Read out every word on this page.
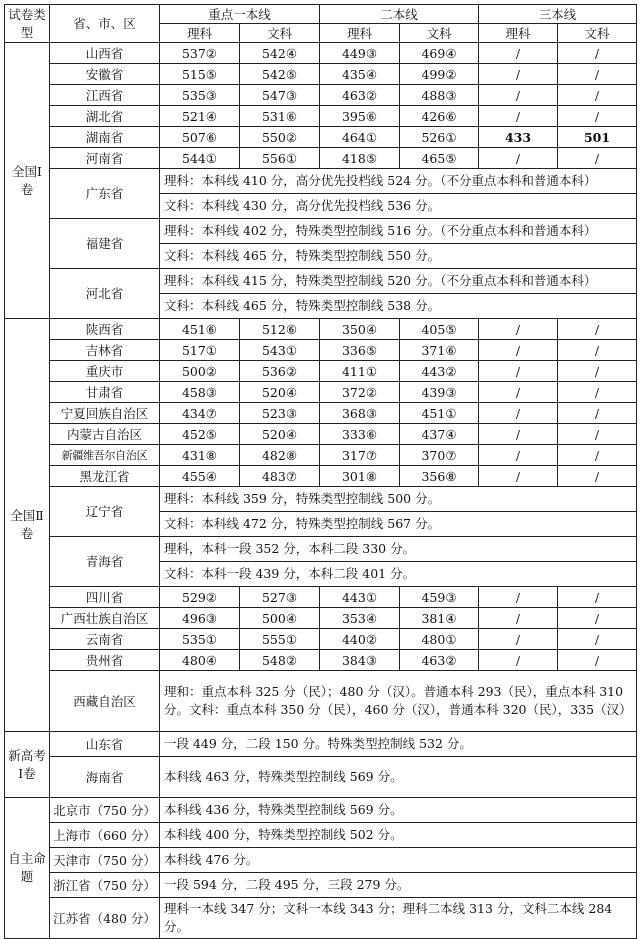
试卷类型	省、市、区	重点一本线		二本线		三本线	
		理科	文科	理科	文科	理科	文科
全国Ⅰ卷	山西省	537②	542④	449③	469④	/	/
	安徽省	515⑤	542⑤	435④	499②	/	/
	江西省	535③	547③	463②	488③	/	/
	湖北省	521④	531⑥	395⑥	426⑥	/	/
	湖南省	507⑥	550②	464①	526①	433	501
	河南省	544①	556①	418⑤	465⑤	/	/
	广东省	理科：本科线 410 分，高分优先投档线 524 分。（不分重点本科和普通本科）					
		文科：本科线 430 分，高分优先投档线 536 分。					
	福建省	理科：本科线 402 分，特殊类型控制线 516 分。（不分重点本科和普通本科）					
		文科：本科线 465 分，特殊类型控制线 550 分。					
	河北省	理科：本科线 415 分，特殊类型控制线 520 分。（不分重点本科和普通本科）					
		文科：本科线 465 分，特殊类型控制线 538 分。					
全国Ⅱ卷	陕西省	451⑥	512⑥	350④	405⑤	/	/
	吉林省	517①	543①	336⑤	371⑥	/	/
	重庆市	500②	536②	411①	443②	/	/
	甘肃省	458③	520④	372②	439③	/	/
	宁夏回族自治区	434⑦	523③	368③	451①	/	/
	内蒙古自治区	452⑤	520④	333⑥	437④	/	/
	新疆维吾尔自治区	431⑧	482⑧	317⑦	370⑦	/	/
	黑龙江省	455④	483⑦	301⑧	356⑧	/	/
	辽宁省	理科：本科线 359 分，特殊类型控制线 500 分。					
		文科：本科线 472 分，特殊类型控制线 567 分。					
	青海省	理科，本科一段 352 分，本科二段 330 分。					
		文科：本科一段 439 分，本科二段 401 分。					
	四川省	529②	527③	443①	459③	/	/
	广西壮族自治区	496③	500④	353④	381④	/	/
	云南省	535①	555①	440②	480①	/	/
	贵州省	480④	548②	384③	463②	/	/
	西藏自治区	理和：重点本科 325 分（民）；480 分（汉）。普通本科 293（民），重点本科 310 分。文科：重点本科 350 分（民），460 分（汉），普通本科 320（民），335（汉）					
新高考Ⅰ卷	山东省	一段 449 分，二段 150 分。特殊类型控制线 532 分。					
	海南省	本科线 463 分，特殊类型控制线 569 分。					
自主命题	北京市（750 分）	本科线 436 分，特殊类型控制线 569 分。					
	上海市（660 分）	本科线 400 分，特殊类型控制线 502 分。					
	天津市（750 分）	本科线 476 分。					
	浙江省（750 分）	一段 594 分，二段 495 分，三段 279 分。					
	江苏省（480 分）	理科一本线 347 分；文科一本线 343 分；理科二本线 313 分，文科二本线 284 分。					
